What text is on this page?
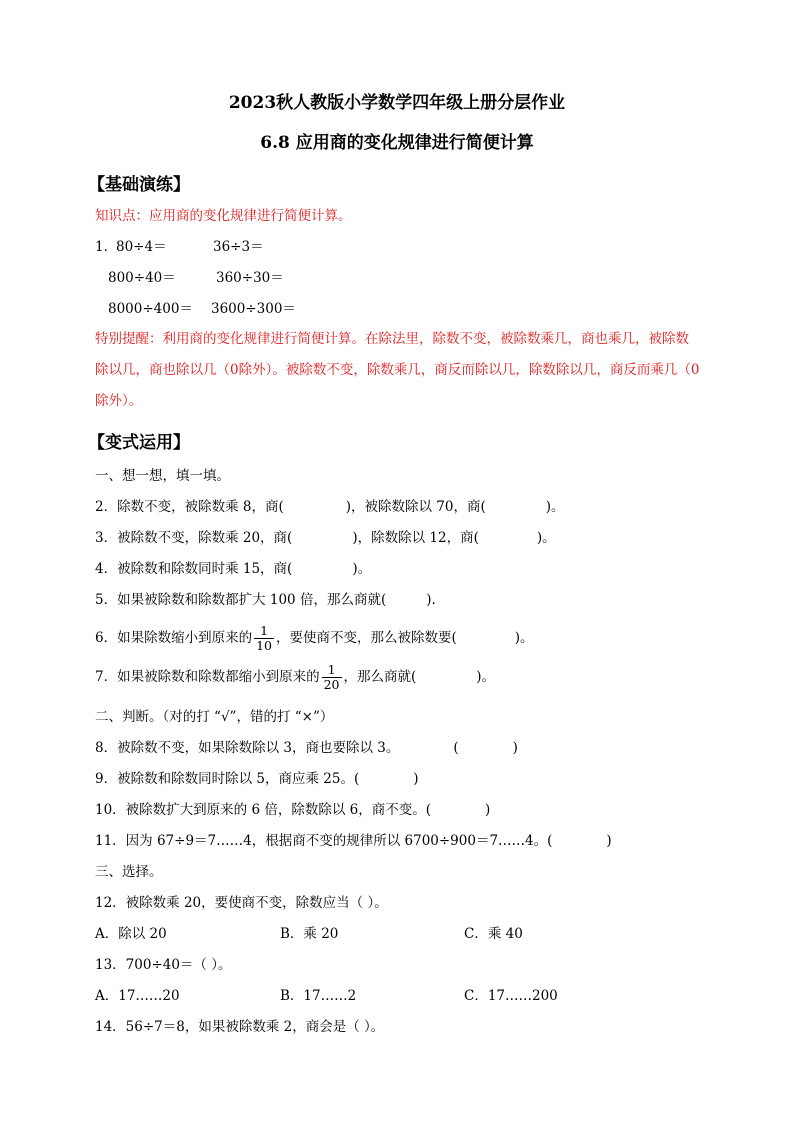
2023秋人教版小学数学四年级上册分层作业
6.8 应用商的变化规律进行简便计算
【基础演练】
知识点：应用商的变化规律进行简便计算。
1．
80÷4＝	36÷3＝
800÷40＝	360÷30＝
8000÷400＝ 3600÷300＝
特别提醒：利用商的变化规律进行简便计算。在除法里，除数不变，被除数乘几，商也乘几，被除数除以几，商也除以几（0除外）。被除数不变，除数乘几，商反而除以几，除数除以几，商反而乘几（0除外）。
【变式运用】
一、想一想，填一填。
2．除数不变，被除数乘 8，商(	)，被除数除以 70，商(	)。
3．被除数不变，除数乘 20，商(	)，除数除以 12，商(	)。
4．被除数和除数同时乘 15，商(	)。
5．如果被除数和除数都扩大 100 倍，那么商就(	).
6．如果除数缩小到原来的 $\frac{1}{10}$ ，要使商不变，那么被除数要(	)。
7．如果被除数和除数都缩小到原来的 $\frac{1}{20}$ ，那么商就(	)。
二、判断。（对的打 “√”，错的打 “×”）
8．被除数不变，如果除数除以 3，商也要除以 3。	(	)
9．被除数和除数同时除以 5，商应乘 25。(	)
10．被除数扩大到原来的 6 倍，除数除以 6，商不变。(	)
11．因为 67÷9＝7……4，根据商不变的规律所以 6700÷900＝7……4。(	)
三、选择。
12．被除数乘 20，要使商不变，除数应当（ ）。
A．除以 20	B．乘 20	C．乘 40
13．700÷40＝（ ）。
A．17……20	B．17……2	C．17……200
14．56÷7＝8，如果被除数乘 2，商会是（ ）。
